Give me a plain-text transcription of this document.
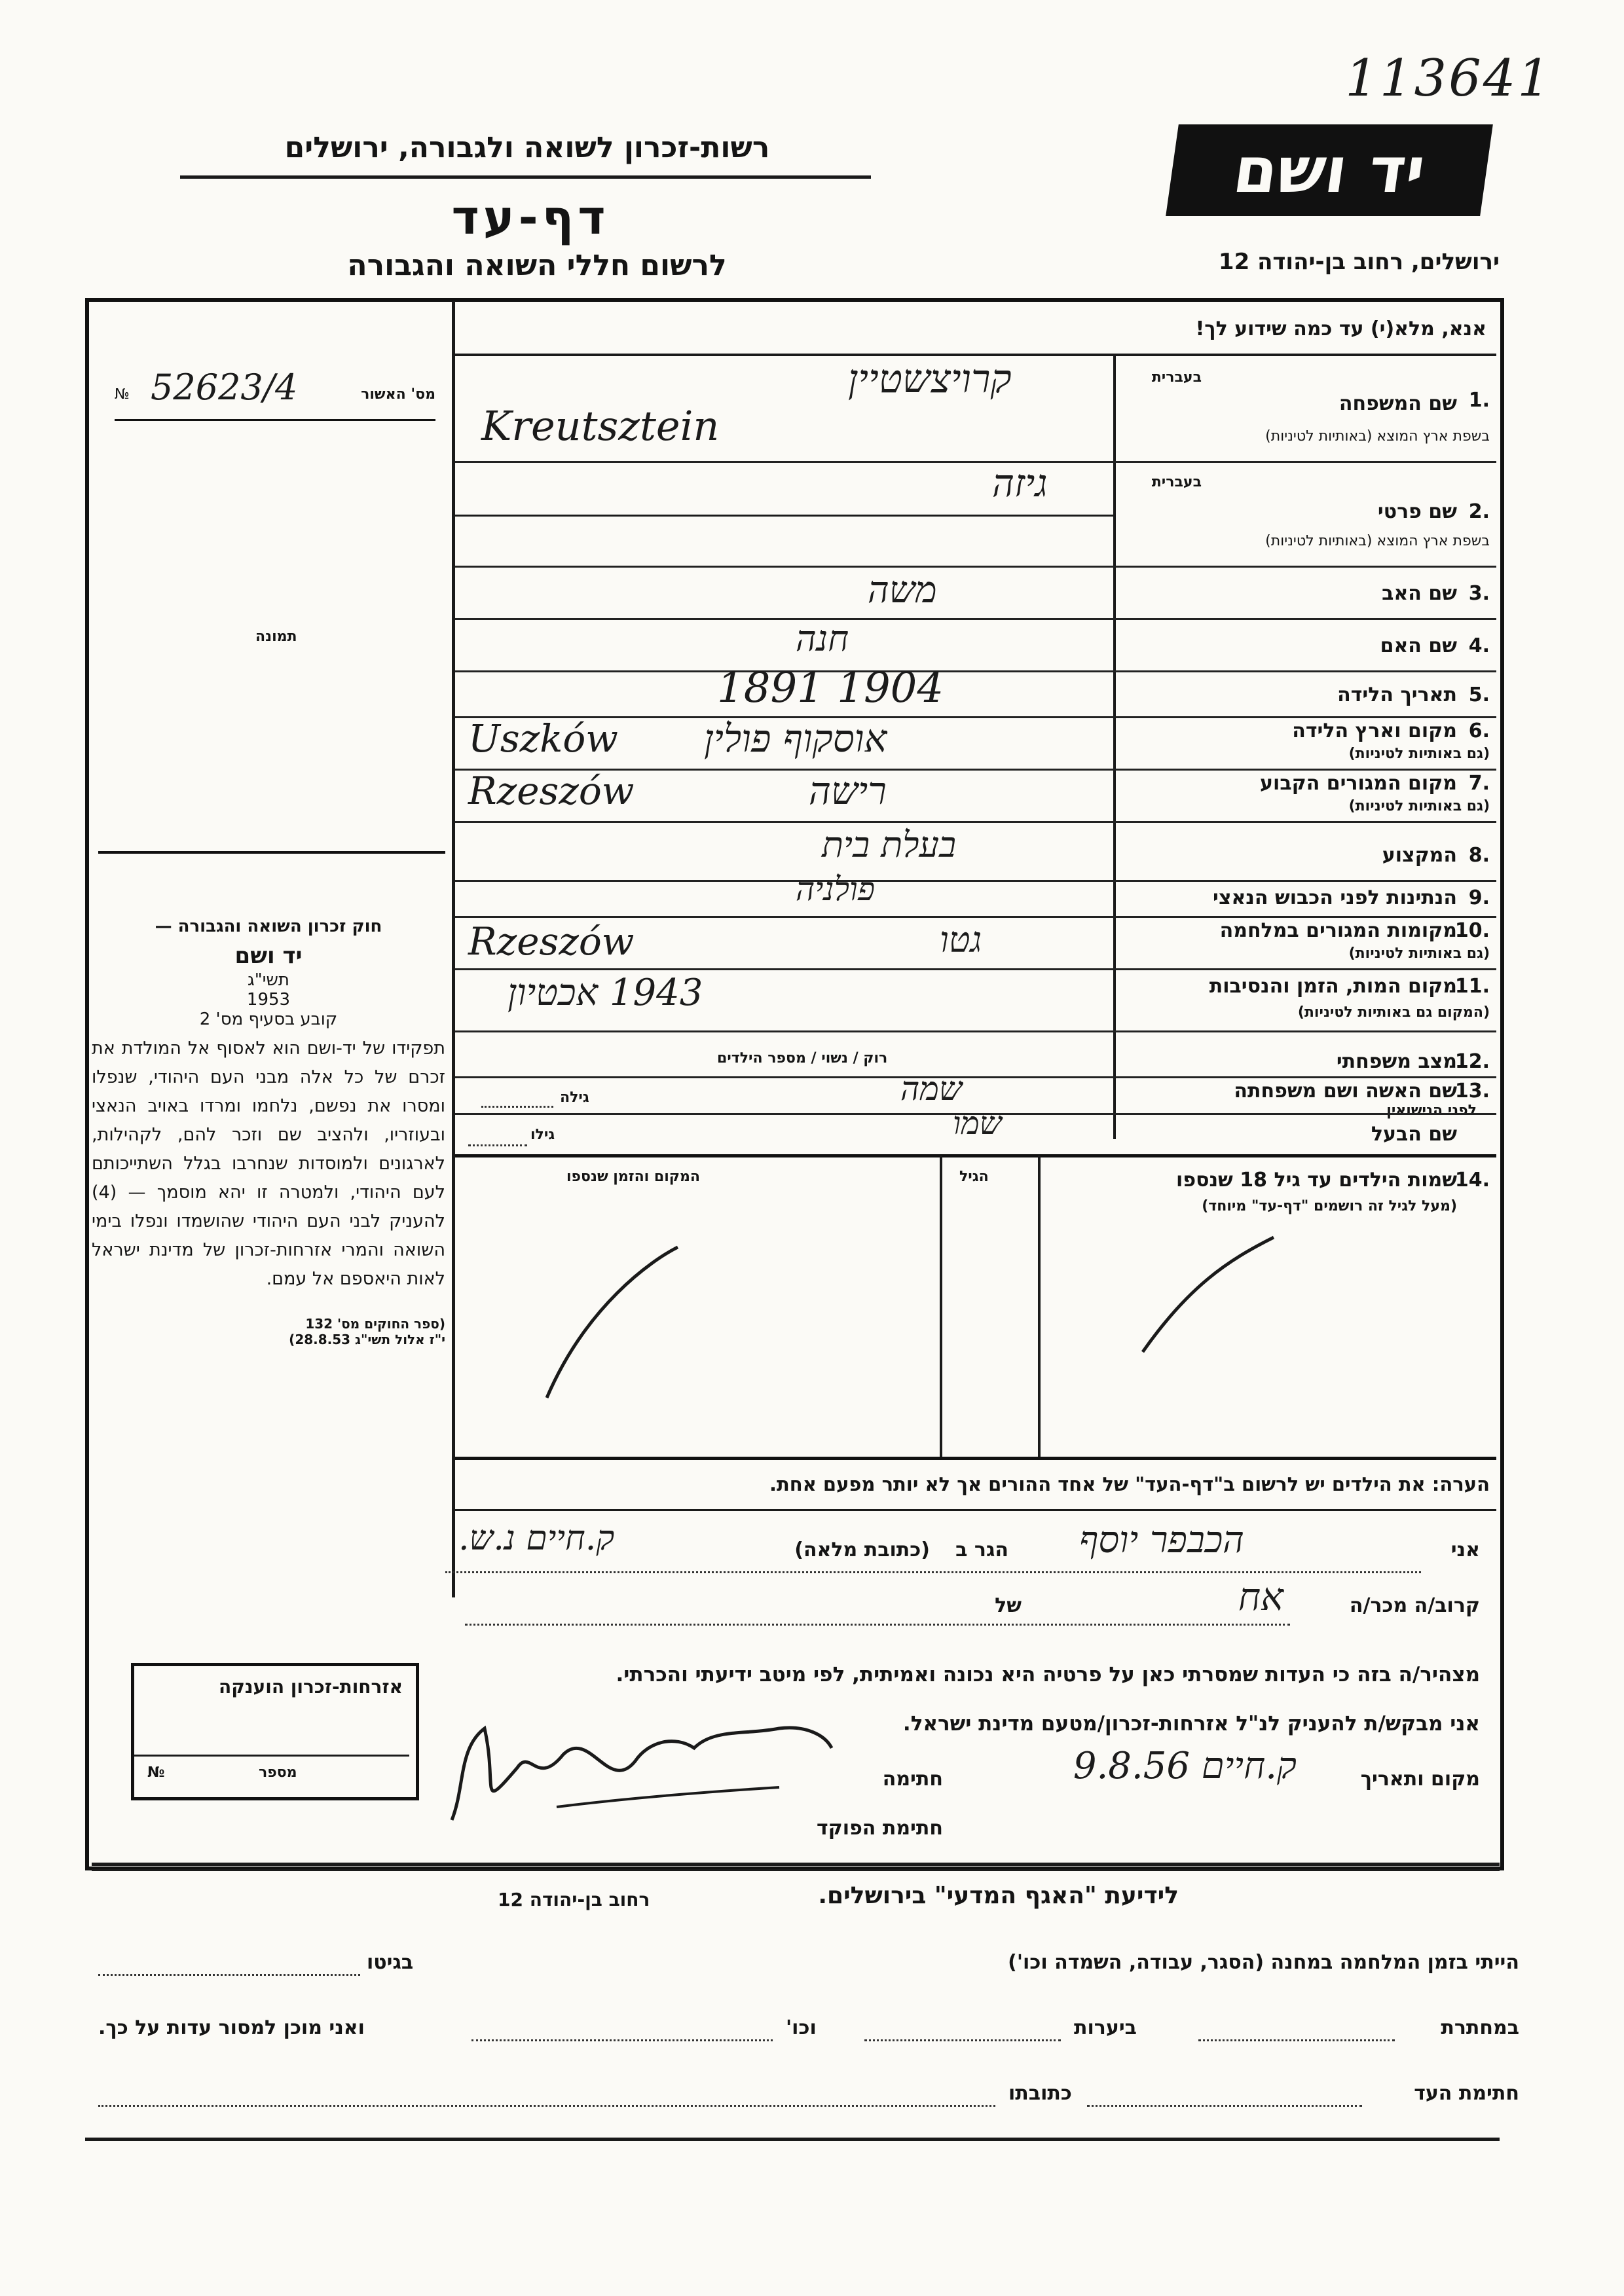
113641
רשות-זכרון לשואה ולגבורה, ירושלים
דף-עד
לרשום חללי השואה והגבורה
יד ושם
ירושלים, רחוב בן-יהודה 12
אנא, מלא(י) עד כמה שידוע לך!
№ 52623/4	מס' האשור
תמונה
1.
שם המשפחה
בשפת ארץ המוצא (באותיות לטיניות)
בעברית
קרויצשטיין
Kreutsztein
2.
שם פרטי
בשפת ארץ המוצא (באותיות לטיניות)
בעברית
גיזה
3.
שם האב
משה
4.
שם האם
חנה
5.
תאריך הלידה
1891 1904
6.
מקום וארץ הלידה
(גם באותיות לטיניות)
אוסקוף פולין
Uszków
7.
מקום המגורים הקבוע
(גם באותיות לטיניות)
רישה
Rzeszów
8.
המקצוע
בעלת בית
9.
הנתינות לפני הכבוש הנאצי
פולניה
10.
מקומות המגורים במלחמה
(גם באותיות לטיניות)
גטו
Rzeszów
11.
מקום המות, הזמן והנסיבות
(המקום גם באותיות לטיניות)
1943 אכטיון
12.
מצב משפחתי
רוק / נשוי / מספר הילדים
13.
שם האשה ושם משפחתה
לפני הנישואין
שמה
גילה
שם הבעל
שמו
גילו
חוק זכרון השואה והגבורה —
יד ושם
תשי"ג
1953
קובע בסעיף מס' 2
תפקידו של יד-ושם הוא לאסוף אל המולדת את זכרם של כל אלה מבני העם היהודי, שנפלו ומסרו את נפשם, נלחמו ומרדו באויב הנאצי ובעוזריו, ולהציב שם וזכר להם, לקהילות, לארגונים ולמוסדות שנחרבו בגלל השתייכותם לעם היהודי, ולמטרה זו יהא מוסמך — (4) להעניק לבני העם היהודי שהושמדו ונפלו בימי השואה והמרי אזרחות-זכרון של מדינת ישראל לאות היאספם אל עמם.
(ספר החוקים מס' 132
י"ז אלול תשי"ג 28.8.53)
14.
שמות הילדים עד גיל 18 שנספו
(מעל לגיל זה רושמים "דף-עד" מיוחד)
הגיל
המקום והזמן שנספו
הערה: את הילדים יש לרשום ב"דף-העד" של אחד ההורים אך לא יותר מפעם אחת.
אני
הכבפר יוסף
הגר ב
(כתובת מלאה)
ק.חיים נ.ש.
קרוב/ה מכר/ה
אח
של
מצהיר/ה בזה כי העדות שמסרתי כאן על פרטיה היא נכונה ואמיתית, לפי מיטב ידיעתי והכרתי.
אני מבקש/ת להעניק לנ"ל אזרחות-זכרון/מטעם מדינת ישראל.
מקום ותאריך
ק.חיים 9.8.56
חתימה
חתימת הפוקד
אזרחות-זכרון הוענקה
№	מספר
לידיעת "האגף המדעי" בירושלים.
רחוב בן-יהודה 12
הייתי בזמן המלחמה במחנה (הסגר, עבודה, השמדה וכו')
בגיטו
במחתרת
ביערות
וכו'
ואני מוכן למסור עדות על כך.
חתימת העד
כתובתו
